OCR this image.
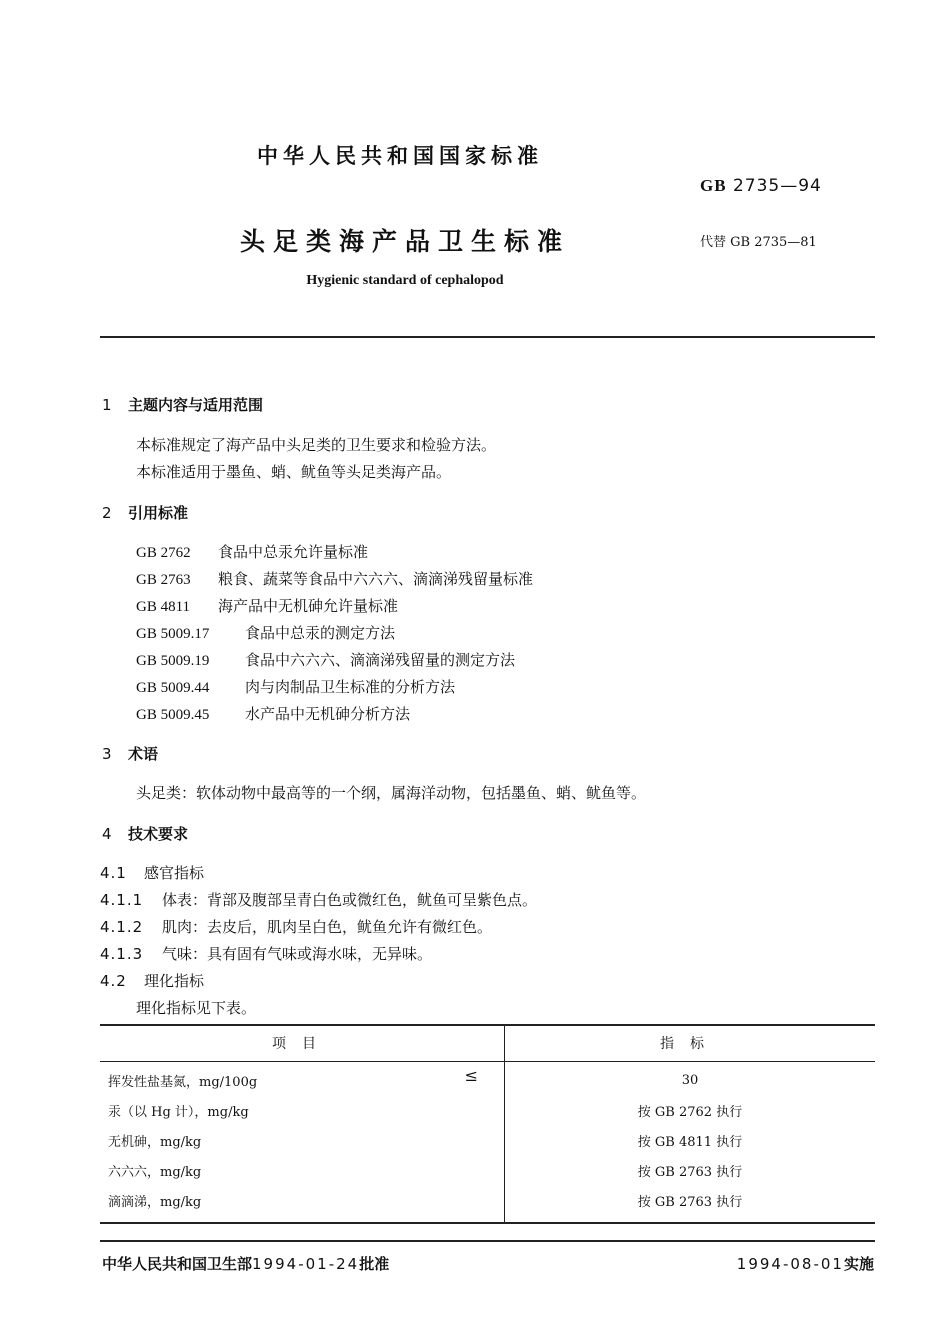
中华人民共和国国家标准
GB 2735—94
头足类海产品卫生标准	代替 GB 2735—81
Hygienic standard of cephalopod
1 主题内容与适用范围
本标准规定了海产品中头足类的卫生要求和检验方法。
本标准适用于墨鱼、蛸、鱿鱼等头足类海产品。
2 引用标准
GB 2762 食品中总汞允许量标准
GB 2763 粮食、蔬菜等食品中六六六、滴滴涕残留量标准
GB 4811 海产品中无机砷允许量标准
GB 5009.17 食品中总汞的测定方法
GB 5009.19 食品中六六六、滴滴涕残留量的测定方法
GB 5009.44 肉与肉制品卫生标准的分析方法
GB 5009.45 水产品中无机砷分析方法
3 术语
头足类：软体动物中最高等的一个纲，属海洋动物，包括墨鱼、蛸、鱿鱼等。
4 技术要求
4.1 感官指标
4.1.1 体表：背部及腹部呈青白色或微红色，鱿鱼可呈紫色点。
4.1.2 肌肉：去皮后，肌肉呈白色，鱿鱼允许有微红色。
4.1.3 气味：具有固有气味或海水味，无异味。
4.2 理化指标
理化指标见下表。
项目	指标
挥发性盐基氮，mg/100g ≤	30
汞（以 Hg 计），mg/kg	按 GB 2762 执行
无机砷，mg/kg	按 GB 4811 执行
六六六，mg/kg	按 GB 2763 执行
滴滴涕，mg/kg	按 GB 2763 执行
中华人民共和国卫生部1994-01-24批准	1994-08-01实施
